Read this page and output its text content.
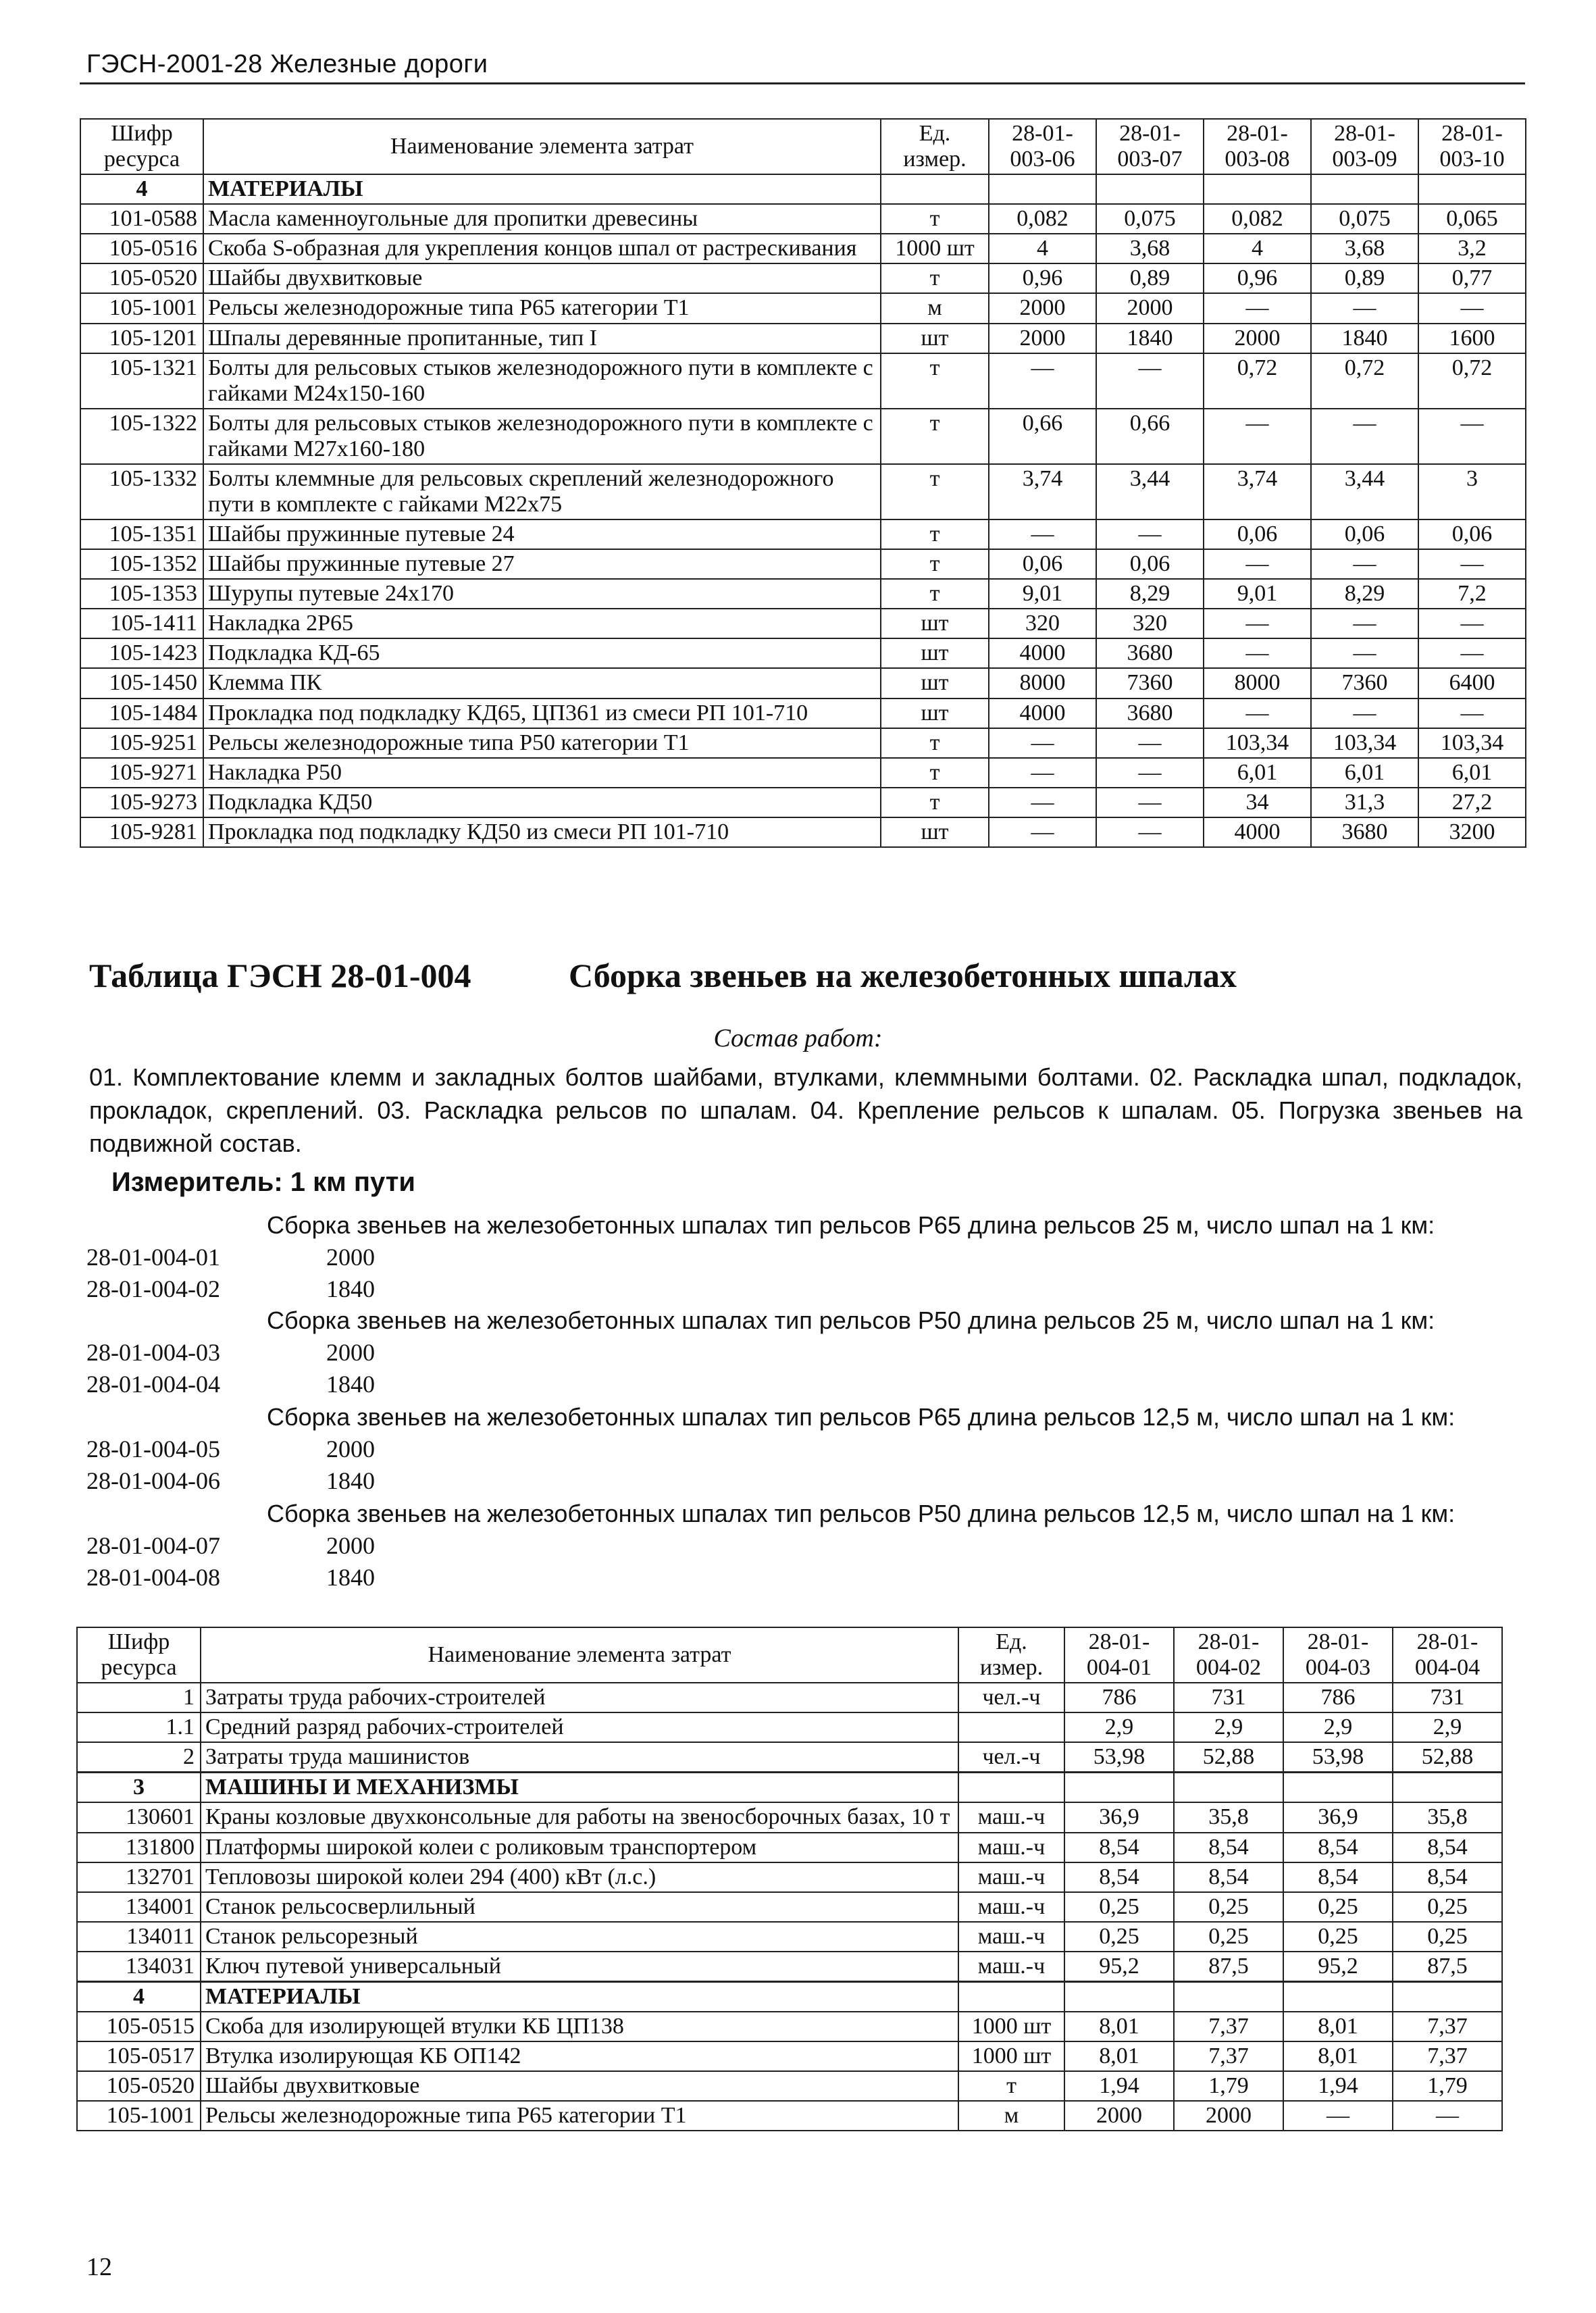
ГЭСН-2001-28 Железные дороги
Шифр ресурса	Наименование элемента затрат	Ед. измер.	28-01-003-06	28-01-003-07	28-01-003-08	28-01-003-09	28-01-003-10
4	МАТЕРИАЛЫ						
101-0588	Масла каменноугольные для пропитки древесины	т	0,082	0,075	0,082	0,075	0,065
105-0516	Скоба S-образная для укрепления концов шпал от растрескивания	1000 шт	4	3,68	4	3,68	3,2
105-0520	Шайбы двухвитковые	т	0,96	0,89	0,96	0,89	0,77
105-1001	Рельсы железнодорожные типа Р65 категории Т1	м	2000	2000	—	—	—
105-1201	Шпалы деревянные пропитанные, тип I	шт	2000	1840	2000	1840	1600
105-1321	Болты для рельсовых стыков железнодорожного пути в комплекте с гайками М24х150-160	т	—	—	0,72	0,72	0,72
105-1322	Болты для рельсовых стыков железнодорожного пути в комплекте с гайками М27х160-180	т	0,66	0,66	—	—	—
105-1332	Болты клеммные для рельсовых скреплений железнодорожного пути в комплекте с гайками М22х75	т	3,74	3,44	3,74	3,44	3
105-1351	Шайбы пружинные путевые 24	т	—	—	0,06	0,06	0,06
105-1352	Шайбы пружинные путевые 27	т	0,06	0,06	—	—	—
105-1353	Шурупы путевые 24х170	т	9,01	8,29	9,01	8,29	7,2
105-1411	Накладка 2Р65	шт	320	320	—	—	—
105-1423	Подкладка КД-65	шт	4000	3680	—	—	—
105-1450	Клемма ПК	шт	8000	7360	8000	7360	6400
105-1484	Прокладка под подкладку КД65, ЦП361 из смеси РП 101-710	шт	4000	3680	—	—	—
105-9251	Рельсы железнодорожные типа Р50 категории Т1	т	—	—	103,34	103,34	103,34
105-9271	Накладка Р50	т	—	—	6,01	6,01	6,01
105-9273	Подкладка КД50	т	—	—	34	31,3	27,2
105-9281	Прокладка под подкладку КД50 из смеси РП 101-710	шт	—	—	4000	3680	3200
Таблица ГЭСН 28-01-004	Сборка звеньев на железобетонных шпалах
Состав работ:
01. Комплектование клемм и закладных болтов шайбами, втулками, клеммными болтами. 02. Раскладка шпал, подкладок, прокладок, скреплений. 03. Раскладка рельсов по шпалам. 04. Крепление рельсов к шпалам. 05. Погрузка звеньев на подвижной состав.
Измеритель: 1 км пути
Сборка звеньев на железобетонных шпалах тип рельсов Р65 длина рельсов 25 м, число шпал на 1 км:
28-01-004-01	2000
28-01-004-02	1840
Сборка звеньев на железобетонных шпалах тип рельсов Р50 длина рельсов 25 м, число шпал на 1 км:
28-01-004-03	2000
28-01-004-04	1840
Сборка звеньев на железобетонных шпалах тип рельсов Р65 длина рельсов 12,5 м, число шпал на 1 км:
28-01-004-05	2000
28-01-004-06	1840
Сборка звеньев на железобетонных шпалах тип рельсов Р50 длина рельсов 12,5 м, число шпал на 1 км:
28-01-004-07	2000
28-01-004-08	1840
Шифр ресурса	Наименование элемента затрат	Ед. измер.	28-01-004-01	28-01-004-02	28-01-004-03	28-01-004-04
1	Затраты труда рабочих-строителей	чел.-ч	786	731	786	731
1.1	Средний разряд рабочих-строителей		2,9	2,9	2,9	2,9
2	Затраты труда машинистов	чел.-ч	53,98	52,88	53,98	52,88
3	МАШИНЫ И МЕХАНИЗМЫ					
130601	Краны козловые двухконсольные для работы на звеносборочных базах, 10 т	маш.-ч	36,9	35,8	36,9	35,8
131800	Платформы широкой колеи с роликовым транспортером	маш.-ч	8,54	8,54	8,54	8,54
132701	Тепловозы широкой колеи 294 (400) кВт (л.с.)	маш.-ч	8,54	8,54	8,54	8,54
134001	Станок рельсосверлильный	маш.-ч	0,25	0,25	0,25	0,25
134011	Станок рельсорезный	маш.-ч	0,25	0,25	0,25	0,25
134031	Ключ путевой универсальный	маш.-ч	95,2	87,5	95,2	87,5
4	МАТЕРИАЛЫ					
105-0515	Скоба для изолирующей втулки КБ ЦП138	1000 шт	8,01	7,37	8,01	7,37
105-0517	Втулка изолирующая КБ ОП142	1000 шт	8,01	7,37	8,01	7,37
105-0520	Шайбы двухвитковые	т	1,94	1,79	1,94	1,79
105-1001	Рельсы железнодорожные типа Р65 категории Т1	м	2000	2000	—	—
12
